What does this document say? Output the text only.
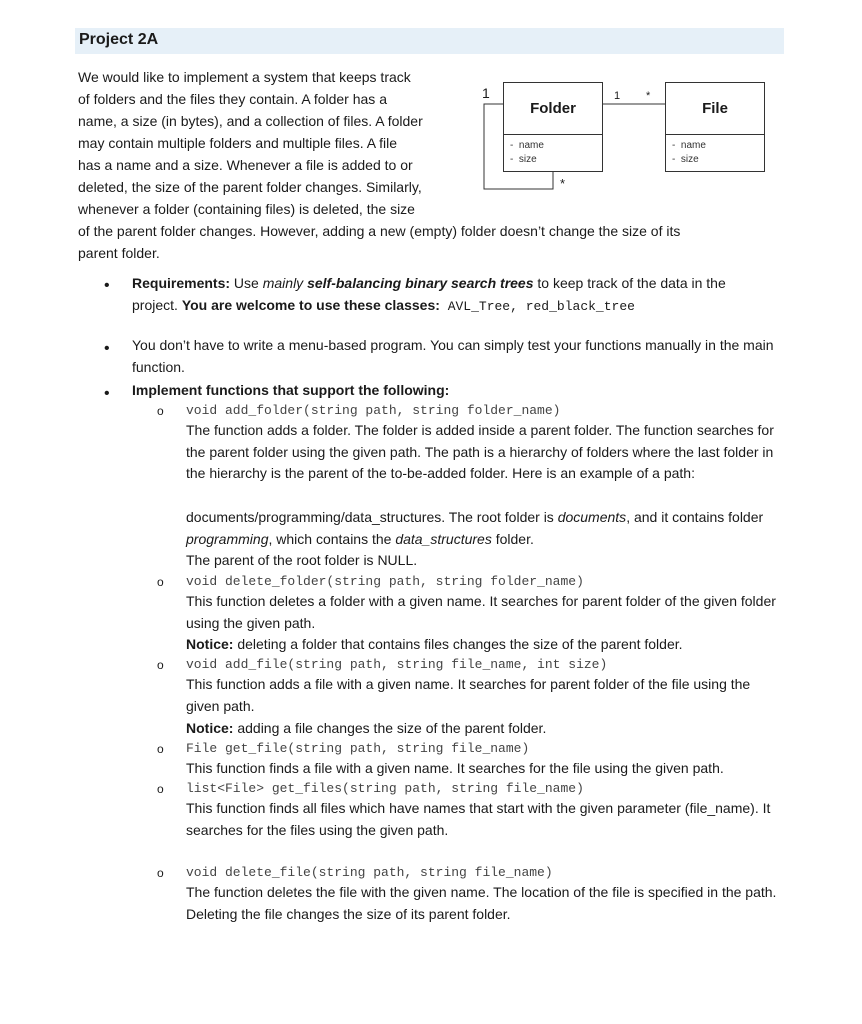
Project 2A
We would like to implement a system that keeps track
of folders and the files they contain. A folder has a
name, a size (in bytes), and a collection of files. A folder
may contain multiple folders and multiple files. A file
has a name and a size. Whenever a file is added to or
deleted, the size of the parent folder changes. Similarly,
whenever a folder (containing files) is deleted, the size
of the parent folder changes. However, adding a new (empty) folder doesn’t change the size of its
parent folder.
1
*
1 *
Folder
- name
- size
File
- name
- size
• Requirements: Use mainly self-balancing binary search trees to keep track of the data in the
project. You are welcome to use these classes: AVL_Tree, red_black_tree
• You don’t have to write a menu-based program. You can simply test your functions manually in the main function.
• Implement functions that support the following:
o void add_folder(string path, string folder_name)
The function adds a folder. The folder is added inside a parent folder. The function searches for the parent folder using the given path. The path is a hierarchy of folders where the last folder in the hierarchy is the parent of the to-be-added folder. Here is an example of a path:
documents/programming/data_structures. The root folder is documents, and it contains folder programming, which contains the data_structures folder.
The parent of the root folder is NULL.
o void delete_folder(string path, string folder_name)
This function deletes a folder with a given name. It searches for parent folder of the given folder using the given path.
Notice: deleting a folder that contains files changes the size of the parent folder.
o void add_file(string path, string file_name, int size)
This function adds a file with a given name. It searches for parent folder of the file using the given path.
Notice: adding a file changes the size of the parent folder.
o File get_file(string path, string file_name)
This function finds a file with a given name. It searches for the file using the given path.
o list<File> get_files(string path, string file_name)
This function finds all files which have names that start with the given parameter (file_name). It searches for the files using the given path.
o void delete_file(string path, string file_name)
The function deletes the file with the given name. The location of the file is specified in the path. Deleting the file changes the size of its parent folder.
